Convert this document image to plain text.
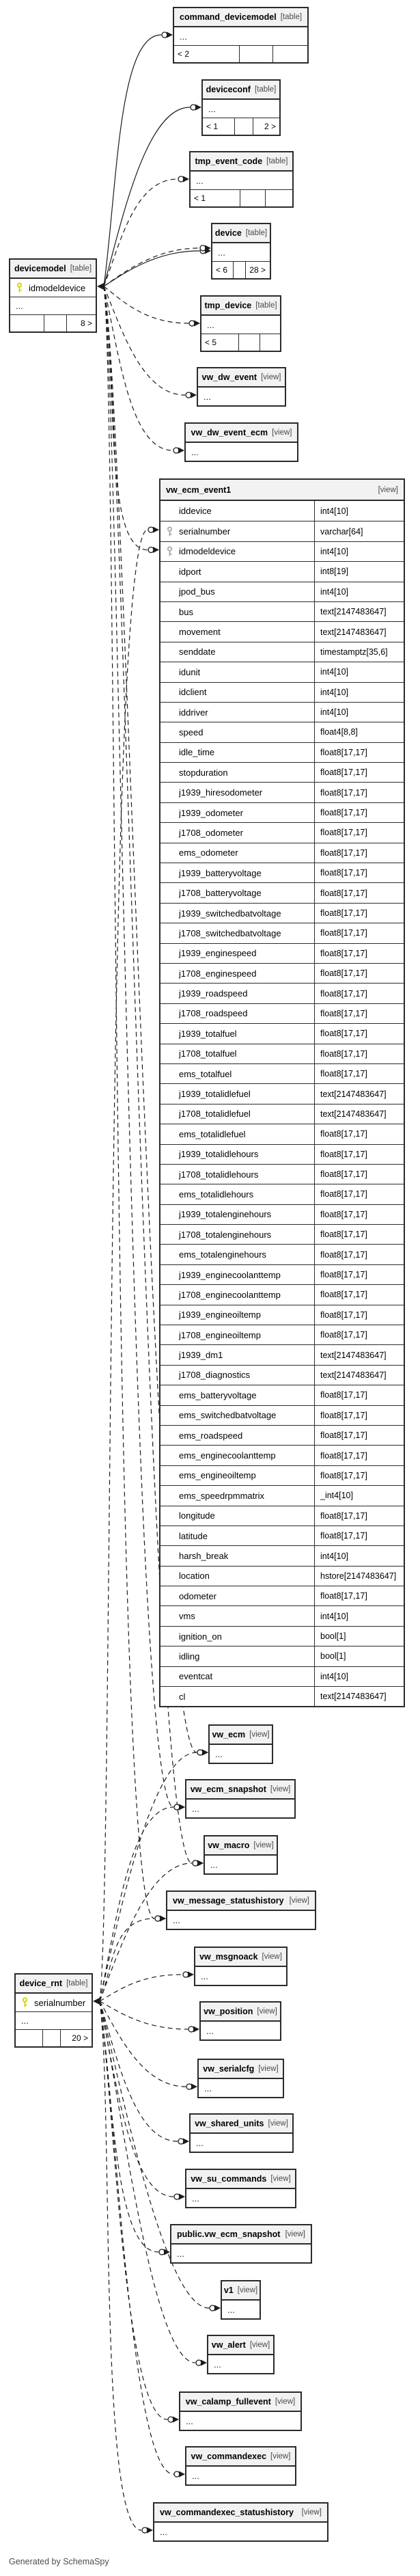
Generated by SchemaSpy
command_devicemodel [table]
...
< 2
deviceconf [table]
...
< 1	2 >
tmp_event_code [table]
...
< 1
device [table]
...
< 6	28 >
devicemodel [table]
idmodeldevice
...
8 >
tmp_device [table]
...
< 5
vw_dw_event [view]
...
vw_dw_event_ecm [view]
...
vw_ecm_event1	[view]
iddevice	int4[10]
serialnumber	varchar[64]
idmodeldevice	int4[10]
idport	int8[19]
jpod_bus	int4[10]
bus	text[2147483647]
movement	text[2147483647]
senddate	timestamptz[35,6]
idunit	int4[10]
idclient	int4[10]
iddriver	int4[10]
speed	float4[8,8]
idle_time	float8[17,17]
stopduration	float8[17,17]
j1939_hiresodometer	float8[17,17]
j1939_odometer	float8[17,17]
j1708_odometer	float8[17,17]
ems_odometer	float8[17,17]
j1939_batteryvoltage	float8[17,17]
j1708_batteryvoltage	float8[17,17]
j1939_switchedbatvoltage	float8[17,17]
j1708_switchedbatvoltage	float8[17,17]
j1939_enginespeed	float8[17,17]
j1708_enginespeed	float8[17,17]
j1939_roadspeed	float8[17,17]
j1708_roadspeed	float8[17,17]
j1939_totalfuel	float8[17,17]
j1708_totalfuel	float8[17,17]
ems_totalfuel	float8[17,17]
j1939_totalidlefuel	text[2147483647]
j1708_totalidlefuel	text[2147483647]
ems_totalidlefuel	float8[17,17]
j1939_totalidlehours	float8[17,17]
j1708_totalidlehours	float8[17,17]
ems_totalidlehours	float8[17,17]
j1939_totalenginehours	float8[17,17]
j1708_totalenginehours	float8[17,17]
ems_totalenginehours	float8[17,17]
j1939_enginecoolanttemp	float8[17,17]
j1708_enginecoolanttemp	float8[17,17]
j1939_engineoiltemp	float8[17,17]
j1708_engineoiltemp	float8[17,17]
j1939_dm1	text[2147483647]
j1708_diagnostics	text[2147483647]
ems_batteryvoltage	float8[17,17]
ems_switchedbatvoltage	float8[17,17]
ems_roadspeed	float8[17,17]
ems_enginecoolanttemp	float8[17,17]
ems_engineoiltemp	float8[17,17]
ems_speedrpmmatrix	_int4[10]
longitude	float8[17,17]
latitude	float8[17,17]
harsh_break	int4[10]
location	hstore[2147483647]
odometer	float8[17,17]
vms	int4[10]
ignition_on	bool[1]
idling	bool[1]
eventcat	int4[10]
cl	text[2147483647]
vw_ecm [view]
...
vw_ecm_snapshot [view]
...
vw_macro [view]
...
vw_message_statushistory [view]
...
vw_msgnoack [view]
...
device_rnt [table]
serialnumber
...
20 >
vw_position [view]
...
vw_serialcfg [view]
...
vw_shared_units [view]
...
vw_su_commands [view]
...
public.vw_ecm_snapshot [view]
...
v1 [view]
...
vw_alert [view]
...
vw_calamp_fullevent [view]
...
vw_commandexec [view]
...
vw_commandexec_statushistory [view]
...
